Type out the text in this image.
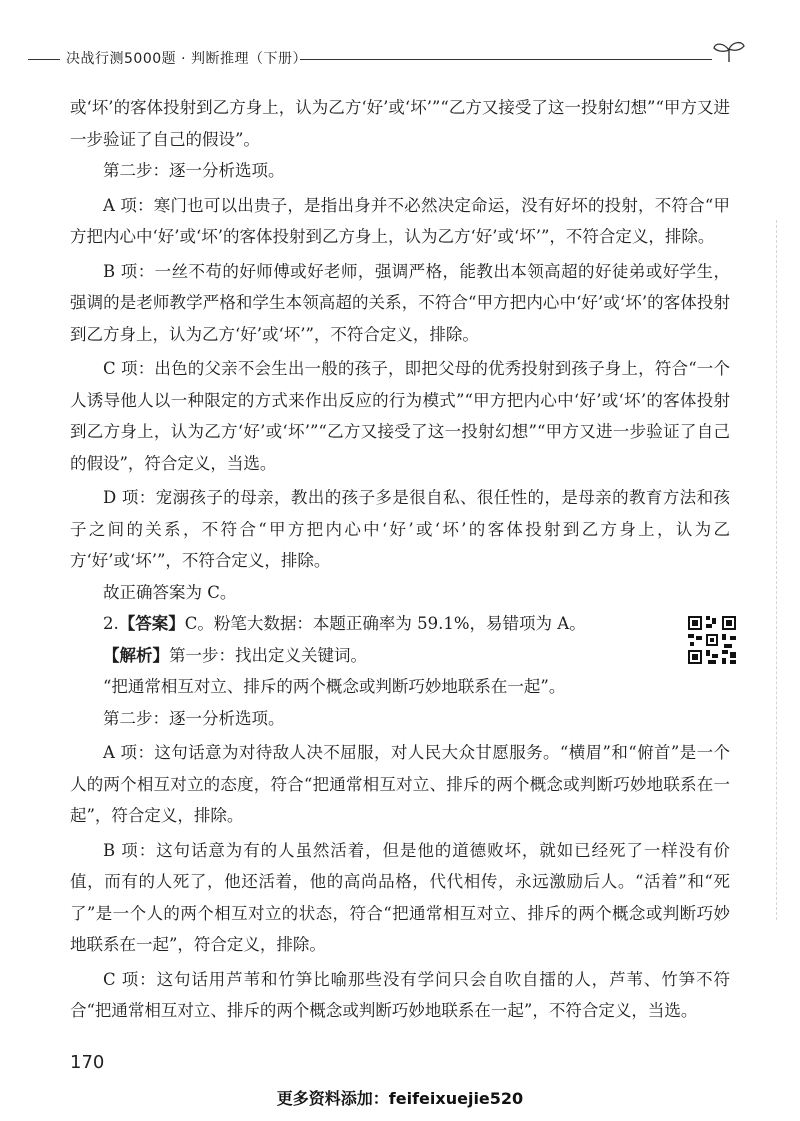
决战行测5000题 · 判断推理（下册）

或‘坏’的客体投射到乙方身上，认为乙方‘好’或‘坏’”“乙方又接受了这一投射幻想”“甲方又进一步验证了自己的假设”。

第二步：逐一分析选项。

A 项：寒门也可以出贵子，是指出身并不必然决定命运，没有好坏的投射，不符合“甲方把内心中‘好’或‘坏’的客体投射到乙方身上，认为乙方‘好’或‘坏’”，不符合定义，排除。

B 项：一丝不苟的好师傅或好老师，强调严格，能教出本领高超的好徒弟或好学生，强调的是老师教学严格和学生本领高超的关系，不符合“甲方把内心中‘好’或‘坏’的客体投射到乙方身上，认为乙方‘好’或‘坏’”，不符合定义，排除。

C 项：出色的父亲不会生出一般的孩子，即把父母的优秀投射到孩子身上，符合“一个人诱导他人以一种限定的方式来作出反应的行为模式”“甲方把内心中‘好’或‘坏’的客体投射到乙方身上，认为乙方‘好’或‘坏’”“乙方又接受了这一投射幻想”“甲方又进一步验证了自己的假设”，符合定义，当选。

D 项：宠溺孩子的母亲，教出的孩子多是很自私、很任性的，是母亲的教育方法和孩子之间的关系，不符合“甲方把内心中‘好’或‘坏’的客体投射到乙方身上，认为乙方‘好’或‘坏’”，不符合定义，排除。

故正确答案为 C。

2.【答案】C。粉笔大数据：本题正确率为 59.1%，易错项为 A。

【解析】第一步：找出定义关键词。

“把通常相互对立、排斥的两个概念或判断巧妙地联系在一起”。

第二步：逐一分析选项。

A 项：这句话意为对待敌人决不屈服，对人民大众甘愿服务。“横眉”和“俯首”是一个人的两个相互对立的态度，符合“把通常相互对立、排斥的两个概念或判断巧妙地联系在一起”，符合定义，排除。

B 项：这句话意为有的人虽然活着，但是他的道德败坏，就如已经死了一样没有价值，而有的人死了，他还活着，他的高尚品格，代代相传，永远激励后人。“活着”和“死了”是一个人的两个相互对立的状态，符合“把通常相互对立、排斥的两个概念或判断巧妙地联系在一起”，符合定义，排除。

C 项：这句话用芦苇和竹笋比喻那些没有学问只会自吹自擂的人，芦苇、竹笋不符合“把通常相互对立、排斥的两个概念或判断巧妙地联系在一起”，不符合定义，当选。

170
更多资料添加：feifeixuejie520
